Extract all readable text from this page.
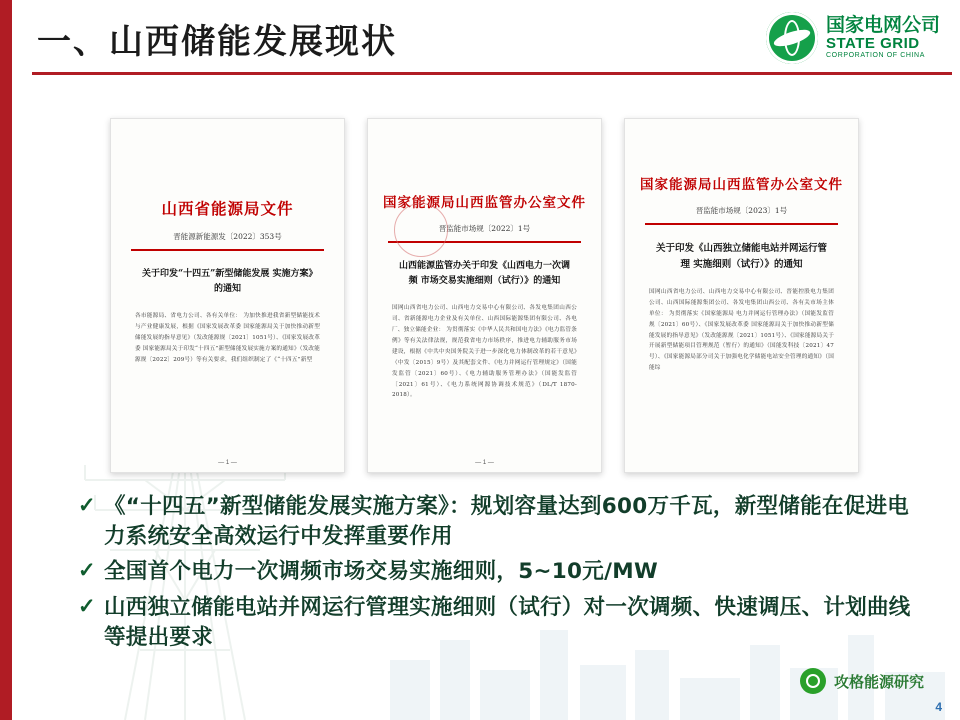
一、山西储能发展现状	国家电网公司
STATE GRID
CORPORATION OF CHINA
山西省能源局文件
晋能源新能源发〔2022〕353号
关于印发“十四五”新型储能发展 实施方案》的通知
各市能源局、省电力公司、各有关单位： 为加快推进我省新型储能技术与产业健康发展，根据《国家发展改革委 国家能源局关于加快推动新型储能发展的指导意见》（发改能源规〔2021〕1051号）、《国家发展改革委 国家能源局关于印发“十四五”新型储能发展实施方案的通知》（发改能源规〔2022〕209号）等有关要求，我们组织制定了《“十四五”新型
— 1 —
国家能源局山西监管办公室文件
晋监能市场规〔2022〕1号
山西能源监管办关于印发《山西电力一次调频 市场交易实施细则（试行）》的通知
国网山西省电力公司、山西电力交易中心有限公司、各发电集团山西公司、省新能源电力企业及有关单位、山西国际能源集团有限公司、各电厂、独立储能企业： 为贯彻落实《中华人民共和国电力法》《电力监管条例》等有关法律法规，规范我省电力市场秩序，推进电力辅助服务市场建设，根据《中共中央国务院关于进一步深化电力体制改革的若干意见》（中发〔2015〕9号）及其配套文件、《电力并网运行管理规定》（国能发监管〔2021〕60号）、《电力辅助服务管理办法》（国能发监管〔2021〕61号）、《电力系统网源协调技术规范》（DL/T 1870-2018）。
— 1 —
国家能源局山西监管办公室文件
晋监能市场规〔2023〕1号
关于印发《山西独立储能电站并网运行管理 实施细则（试行）》的通知
国网山西省电力公司、山西电力交易中心有限公司、晋能控股电力集团公司、山西国际能源集团公司、各发电集团山西公司、各有关市场主体单位： 为贯彻落实《国家能源局 电力并网运行管理办法》（国能发监管规〔2021〕60号）、《国家发展改革委 国家能源局关于加快推动新型储能发展的指导意见》（发改能源规〔2021〕1051号）、《国家能源局关于开展新型储能项目管理规范（暂行）的通知》（国能发科技〔2021〕47号）、《国家能源局部分司关于加强电化学储能电站安全管理的通知》（国能综
✓ 《“十四五”新型储能发展实施方案》：规划容量达到600万千瓦，新型储能在促进电力系统安全高效运行中发挥重要作用
✓ 全国首个电力一次调频市场交易实施细则，5~10元/MW
✓ 山西独立储能电站并网运行管理实施细则（试行）对一次调频、快速调压、计划曲线等提出要求
攻格能源研究
4
